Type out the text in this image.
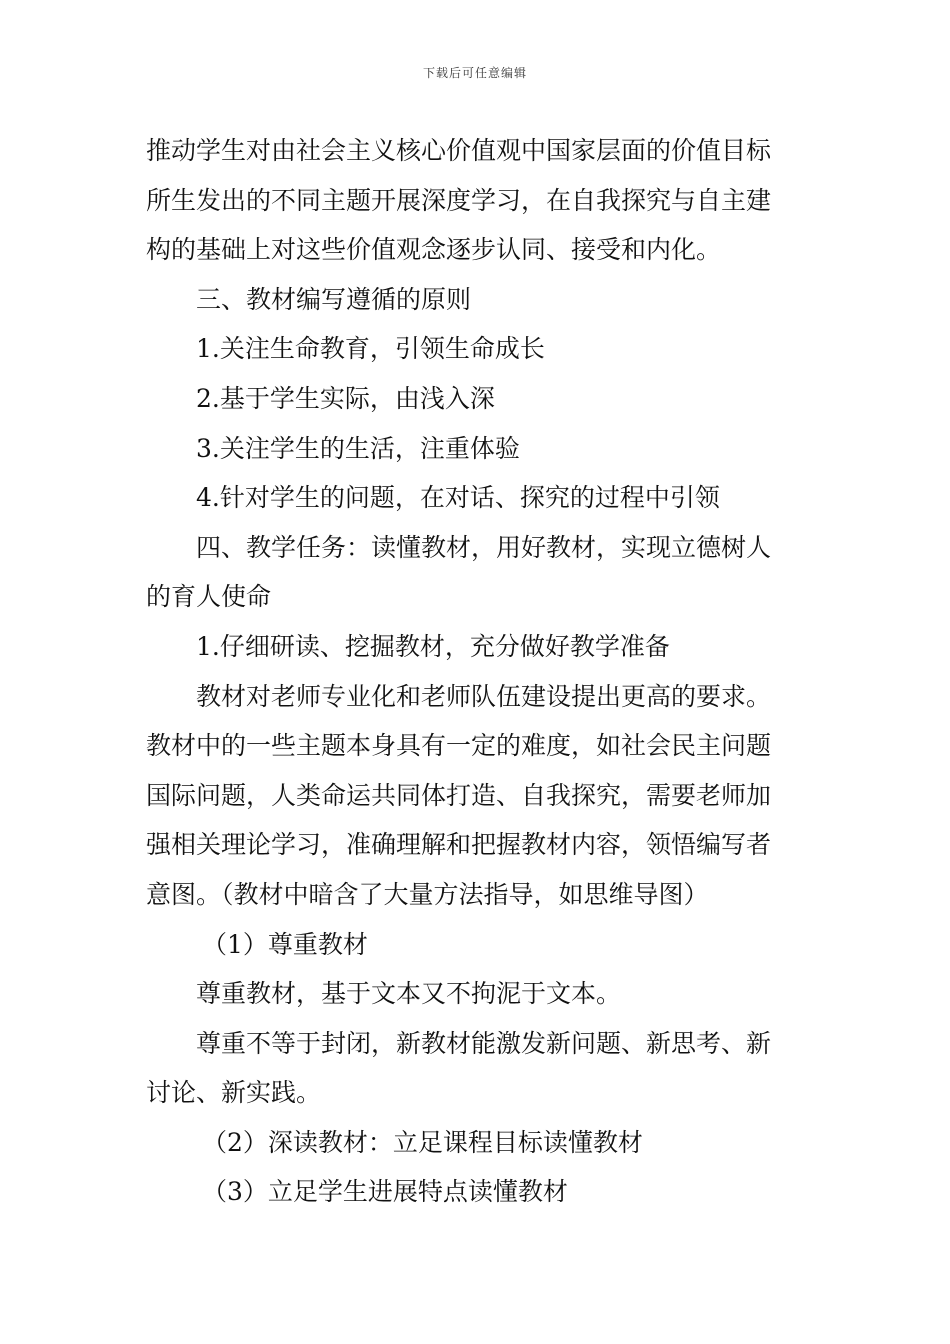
下载后可任意编辑
推动学生对由社会主义核心价值观中国家层面的价值目标
所生发出的不同主题开展深度学习，在自我探究与自主建
构的基础上对这些价值观念逐步认同、接受和内化。
三、教材编写遵循的原则
1.关注生命教育，引领生命成长
2.基于学生实际，由浅入深
3.关注学生的生活，注重体验
4.针对学生的问题，在对话、探究的过程中引领
四、教学任务：读懂教材，用好教材，实现立德树人
的育人使命
1.仔细研读、挖掘教材，充分做好教学准备
教材对老师专业化和老师队伍建设提出更高的要求。
教材中的一些主题本身具有一定的难度，如社会民主问题
国际问题，人类命运共同体打造、自我探究，需要老师加
强相关理论学习，准确理解和把握教材内容，领悟编写者
意图。（教材中暗含了大量方法指导，如思维导图）
（1）尊重教材
尊重教材，基于文本又不拘泥于文本。
尊重不等于封闭，新教材能激发新问题、新思考、新
讨论、新实践。
（2）深读教材：立足课程目标读懂教材
（3）立足学生进展特点读懂教材
